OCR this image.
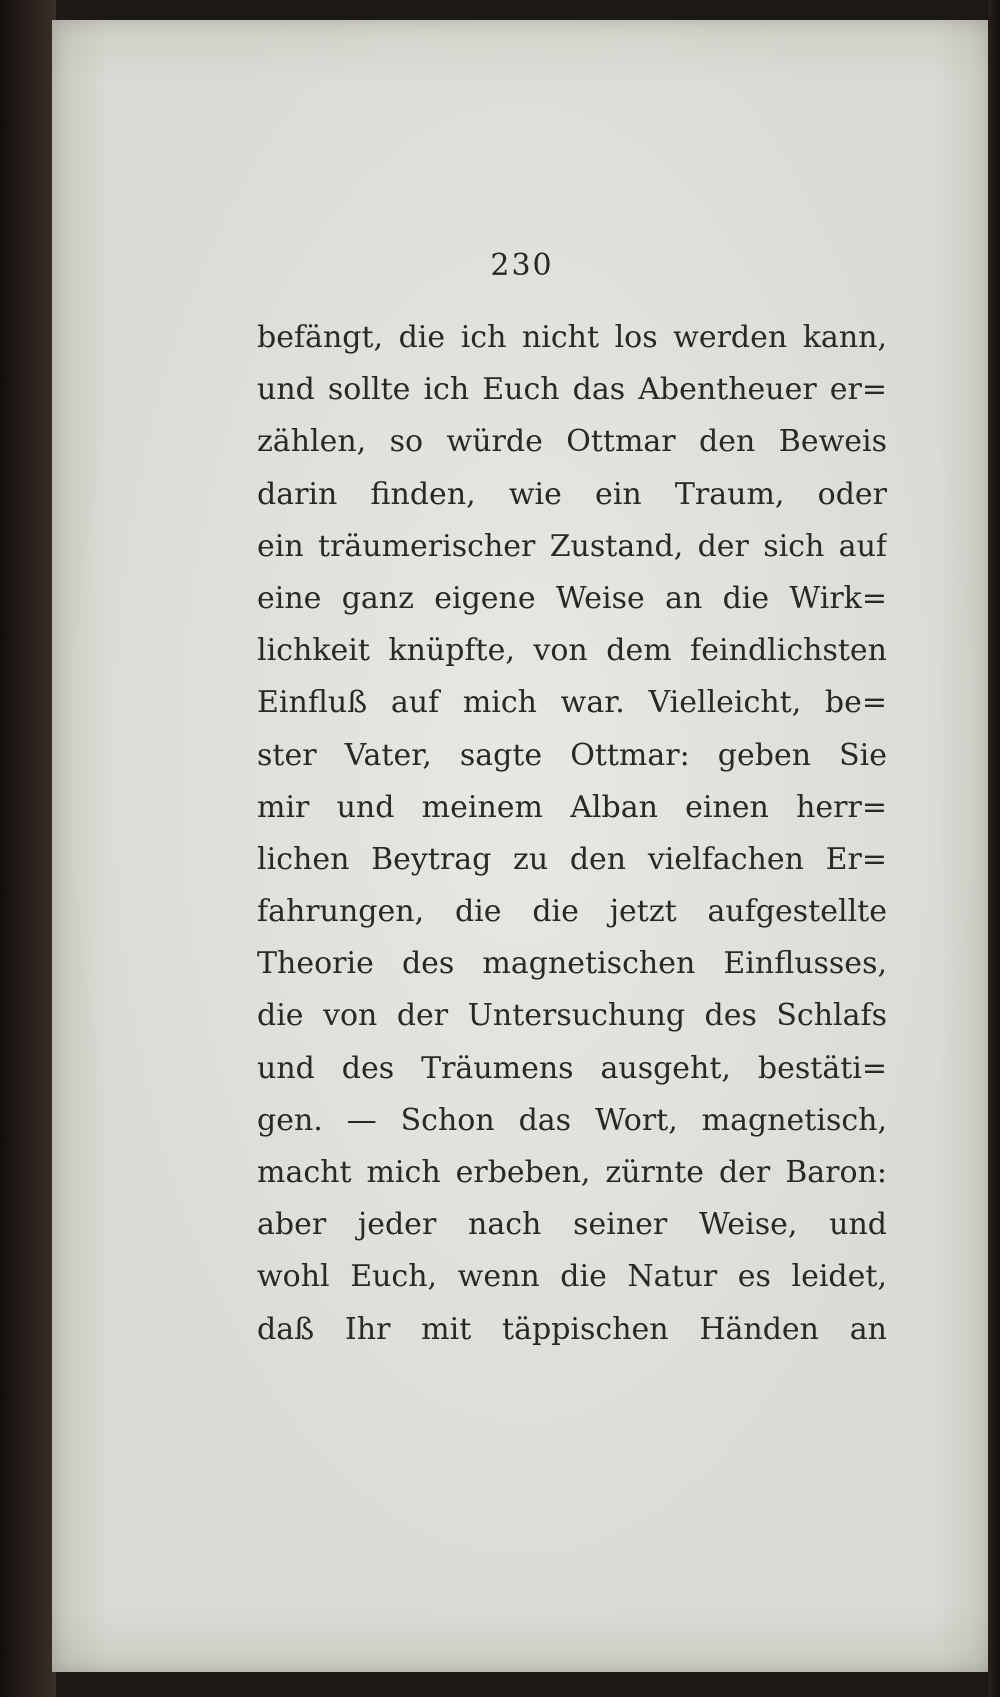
230
befängt, die ich nicht los werden kann,
und sollte ich Euch das Abentheuer er=
zählen, so würde Ottmar den Beweis
darin finden, wie ein Traum, oder
ein träumerischer Zustand, der sich auf
eine ganz eigene Weise an die Wirk=
lichkeit knüpfte, von dem feindlichsten
Einfluß auf mich war. Vielleicht, be=
ster Vater, sagte Ottmar: geben Sie
mir und meinem Alban einen herr=
lichen Beytrag zu den vielfachen Er=
fahrungen, die die jetzt aufgestellte
Theorie des magnetischen Einflusses,
die von der Untersuchung des Schlafs
und des Träumens ausgeht, bestäti=
gen. — Schon das Wort, magnetisch,
macht mich erbeben, zürnte der Baron:
aber jeder nach seiner Weise, und
wohl Euch, wenn die Natur es leidet,
daß Ihr mit täppischen Händen an
